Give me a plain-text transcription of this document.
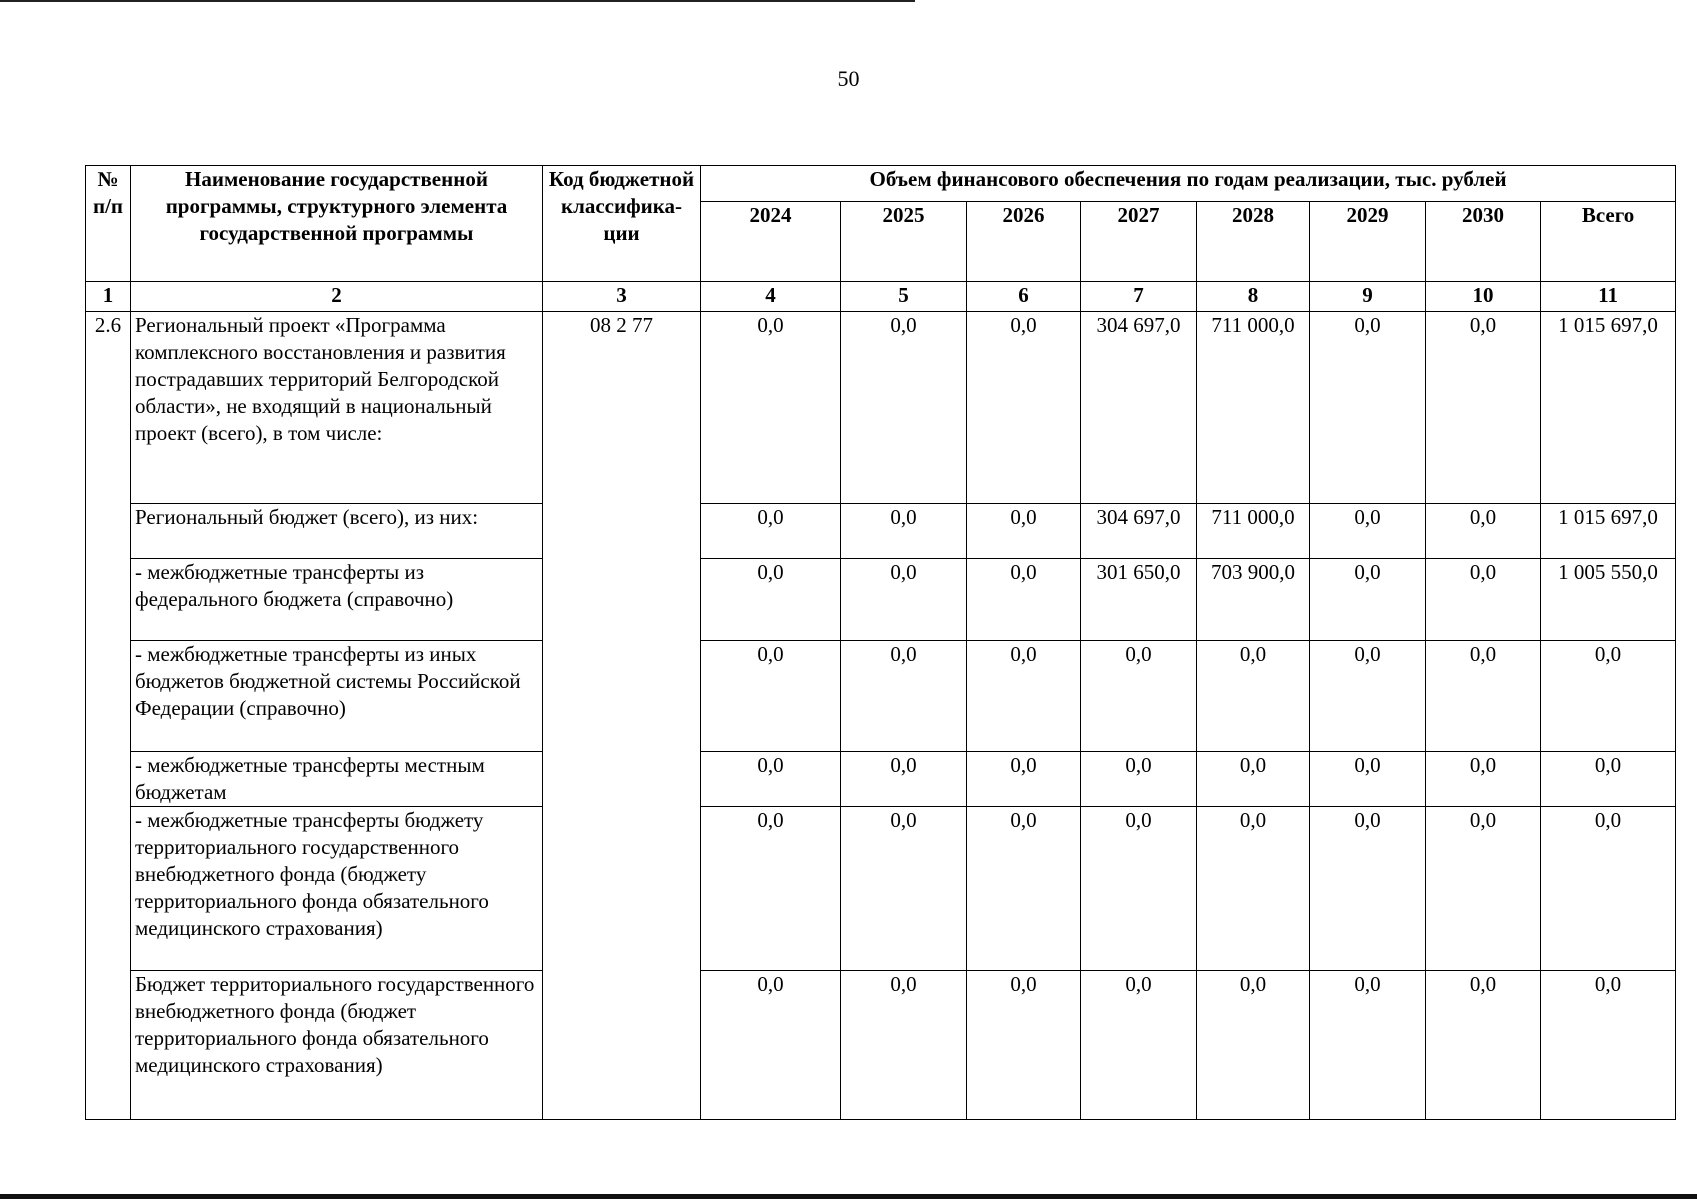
50
№ п/п	Наименование государственной программы, структурного элемента государственной программы	Код бюджетной классифика- ции	Объем финансового обеспечения по годам реализации, тыс. рублей							
			2024	2025	2026	2027	2028	2029	2030	Всего
1	2	3	4	5	6	7	8	9	10	11
2.6	Региональный проект «Программа комплексного восстановления и развития пострадавших территорий Белгородской области», не входящий в национальный проект (всего), в том числе:	08 2 77	0,0	0,0	0,0	304 697,0	711 000,0	0,0	0,0	1 015 697,0
	Региональный бюджет (всего), из них:		0,0	0,0	0,0	304 697,0	711 000,0	0,0	0,0	1 015 697,0
	- межбюджетные трансферты из федерального бюджета (справочно)		0,0	0,0	0,0	301 650,0	703 900,0	0,0	0,0	1 005 550,0
	- межбюджетные трансферты из иных бюджетов бюджетной системы Российской Федерации (справочно)		0,0	0,0	0,0	0,0	0,0	0,0	0,0	0,0
	- межбюджетные трансферты местным бюджетам		0,0	0,0	0,0	0,0	0,0	0,0	0,0	0,0
	- межбюджетные трансферты бюджету территориального государственного внебюджетного фонда (бюджету территориального фонда обязательного медицинского страхования)		0,0	0,0	0,0	0,0	0,0	0,0	0,0	0,0
	Бюджет территориального государственного внебюджетного фонда (бюджет территориального фонда обязательного медицинского страхования)		0,0	0,0	0,0	0,0	0,0	0,0	0,0	0,0
